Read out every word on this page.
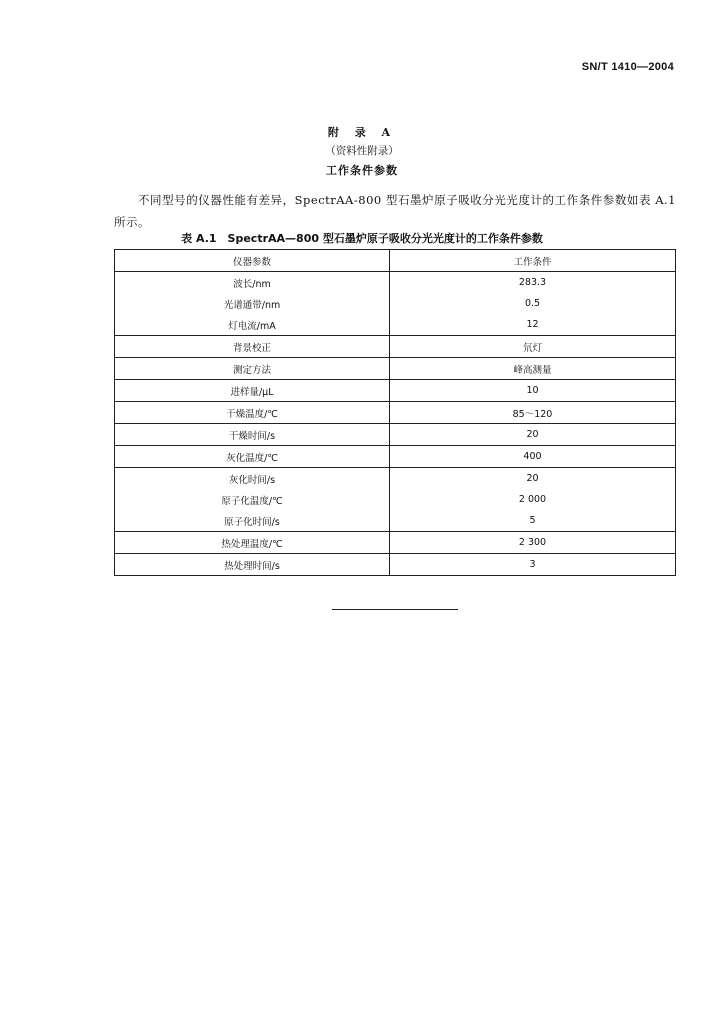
SN/T 1410—2004
附 录 A
（资料性附录）
工作条件参数
不同型号的仪器性能有差异，SpectrAA-800 型石墨炉原子吸收分光光度计的工作条件参数如表 A.1所示。
表 A.1　SpectrAA—800 型石墨炉原子吸收分光光度计的工作条件参数
仪器参数	工作条件
波长/nm	283.3
光谱通带/nm	0.5
灯电流/mA	12
背景校正	氘灯
测定方法	峰高测量
进样量/μL	10
干燥温度/℃	85～120
干燥时间/s	20
灰化温度/℃	400
灰化时间/s	20
原子化温度/℃	2 000
原子化时间/s	5
热处理温度/℃	2 300
热处理时间/s	3
